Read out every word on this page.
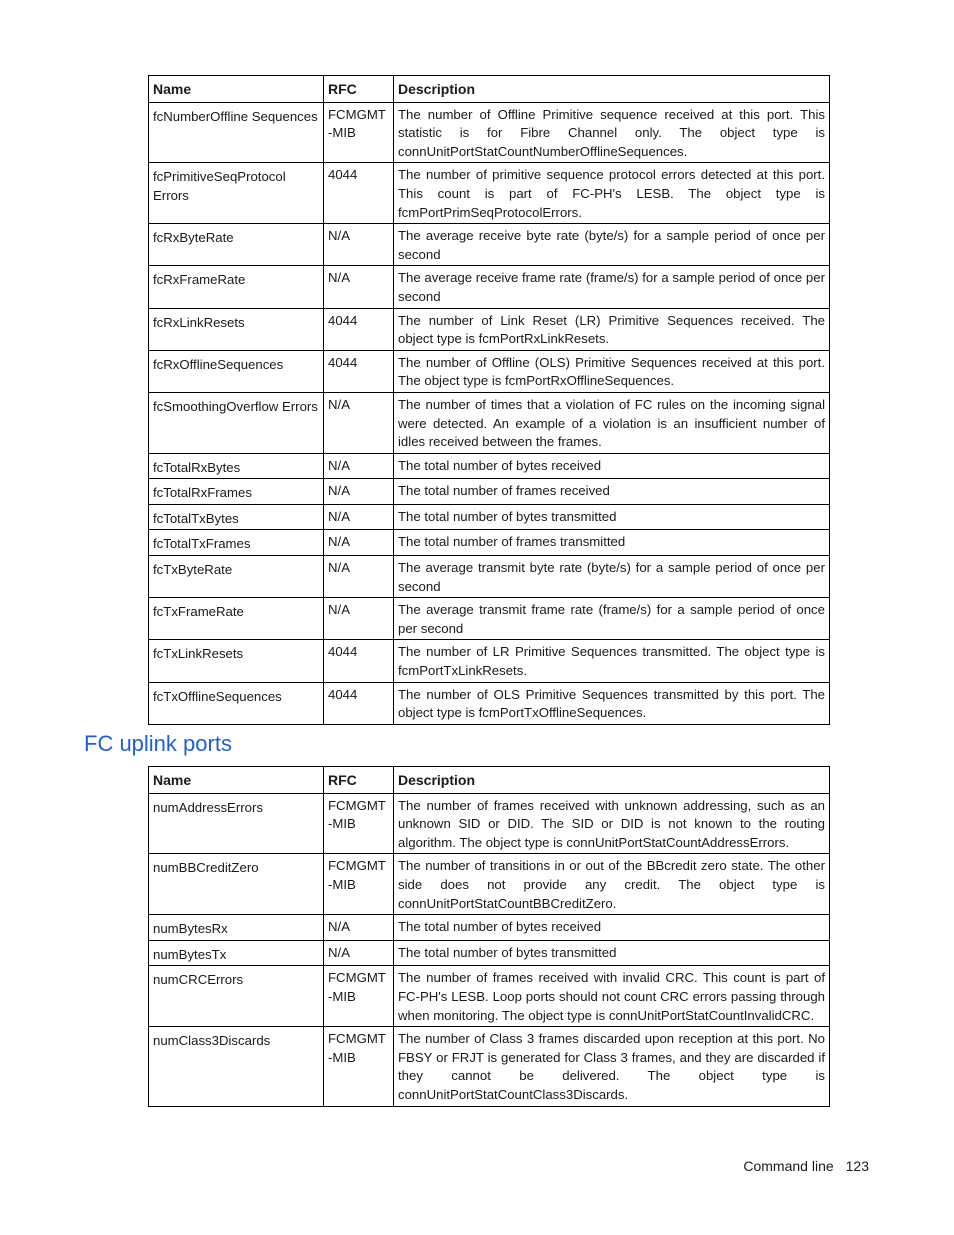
Name	RFC	Description
fcNumberOffline Sequences	FCMGMT -MIB	The number of Offline Primitive sequence received at this port. This statistic is for Fibre Channel only. The object type is connUnitPortStatCountNumberOfflineSequences.
fcPrimitiveSeqProtocol Errors	4044	The number of primitive sequence protocol errors detected at this port. This count is part of FC-PH's LESB. The object type is fcmPortPrimSeqProtocolErrors.
fcRxByteRate	N/A	The average receive byte rate (byte/s) for a sample period of once per second
fcRxFrameRate	N/A	The average receive frame rate (frame/s) for a sample period of once per second
fcRxLinkResets	4044	The number of Link Reset (LR) Primitive Sequences received. The object type is fcmPortRxLinkResets.
fcRxOfflineSequences	4044	The number of Offline (OLS) Primitive Sequences received at this port. The object type is fcmPortRxOfflineSequences.
fcSmoothingOverflow Errors	N/A	The number of times that a violation of FC rules on the incoming signal were detected. An example of a violation is an insufficient number of idles received between the frames.
fcTotalRxBytes	N/A	The total number of bytes received
fcTotalRxFrames	N/A	The total number of frames received
fcTotalTxBytes	N/A	The total number of bytes transmitted
fcTotalTxFrames	N/A	The total number of frames transmitted
fcTxByteRate	N/A	The average transmit byte rate (byte/s) for a sample period of once per second
fcTxFrameRate	N/A	The average transmit frame rate (frame/s) for a sample period of once per second
fcTxLinkResets	4044	The number of LR Primitive Sequences transmitted. The object type is fcmPortTxLinkResets.
fcTxOfflineSequences	4044	The number of OLS Primitive Sequences transmitted by this port. The object type is fcmPortTxOfflineSequences.
FC uplink ports
Name	RFC	Description
numAddressErrors	FCMGMT -MIB	The number of frames received with unknown addressing, such as an unknown SID or DID. The SID or DID is not known to the routing algorithm. The object type is connUnitPortStatCountAddressErrors.
numBBCreditZero	FCMGMT -MIB	The number of transitions in or out of the BBcredit zero state. The other side does not provide any credit. The object type is connUnitPortStatCountBBCreditZero.
numBytesRx	N/A	The total number of bytes received
numBytesTx	N/A	The total number of bytes transmitted
numCRCErrors	FCMGMT -MIB	The number of frames received with invalid CRC. This count is part of FC-PH's LESB. Loop ports should not count CRC errors passing through when monitoring. The object type is connUnitPortStatCountInvalidCRC.
numClass3Discards	FCMGMT -MIB	The number of Class 3 frames discarded upon reception at this port. No FBSY or FRJT is generated for Class 3 frames, and they are discarded if they cannot be delivered. The object type is connUnitPortStatCountClass3Discards.
Command line 123
